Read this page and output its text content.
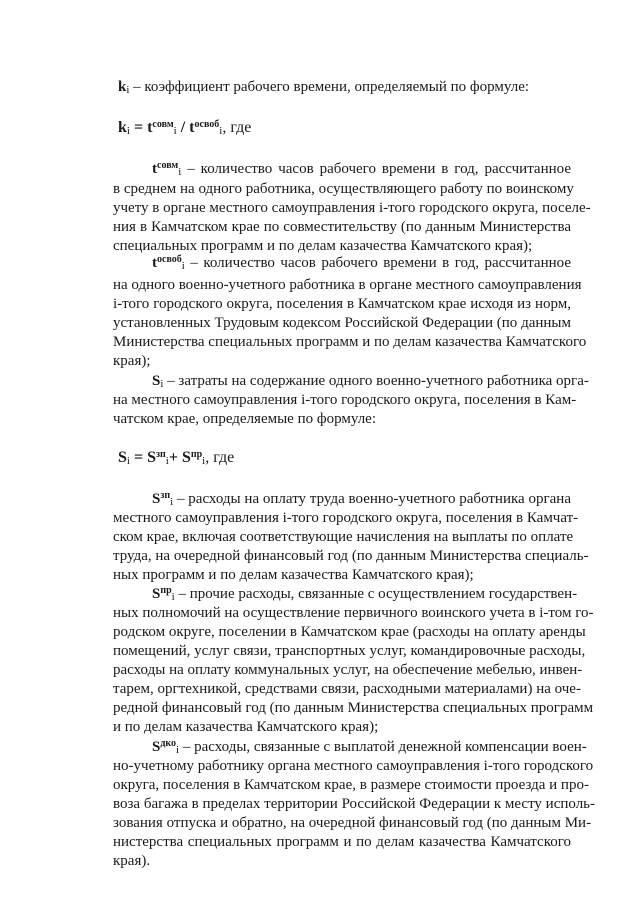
$k_i$ – коэффициент рабочего времени, определяемый по формуле:
$k_i = t^{совм}_i / t^{освоб}_i$, где
$t^{совм}_i$ – количество часов рабочего времени в год, рассчитанное
в среднем на одного работника, осуществляющего работу по воинскому
учету в органе местного самоуправления i-того городского округа, поселе-
ния в Камчатском крае по совместительству (по данным Министерства
специальных программ и по делам казачества Камчатского края);
$t^{освоб}_i$ – количество часов рабочего времени в год, рассчитанное
на одного военно-учетного работника в органе местного самоуправления
i-того городского округа, поселения в Камчатском крае исходя из норм,
установленных Трудовым кодексом Российской Федерации (по данным
Министерства специальных программ и по делам казачества Камчатского
края);
$S_i$ – затраты на содержание одного военно-учетного работника орга-
на местного самоуправления i-того городского округа, поселения в Кам-
чатском крае, определяемые по формуле:
$S_i = S^{зп}_i+ S^{пр}_i$, где
$S^{зп}_i$ – расходы на оплату труда военно-учетного работника органа
местного самоуправления i-того городского округа, поселения в Камчат-
ском крае, включая соответствующие начисления на выплаты по оплате
труда, на очередной финансовый год (по данным Министерства специаль-
ных программ и по делам казачества Камчатского края);
$S^{пр}_i$ – прочие расходы, связанные с осуществлением государствен-
ных полномочий на осуществление первичного воинского учета в i-том го-
родском округе, поселении в Камчатском крае (расходы на оплату аренды
помещений, услуг связи, транспортных услуг, командировочные расходы,
расходы на оплату коммунальных услуг, на обеспечение мебелью, инвен-
тарем, оргтехникой, средствами связи, расходными материалами) на оче-
редной финансовый год (по данным Министерства специальных программ
и по делам казачества Камчатского края);
$S^{дко}_i$ – расходы, связанные с выплатой денежной компенсации воен-
но-учетному работнику органа местного самоуправления i-того городского
округа, поселения в Камчатском крае, в размере стоимости проезда и про-
воза багажа в пределах территории Российской Федерации к месту исполь-
зования отпуска и обратно, на очередной финансовый год (по данным Ми-
нистерства специальных программ и по делам казачества Камчатского
края).
